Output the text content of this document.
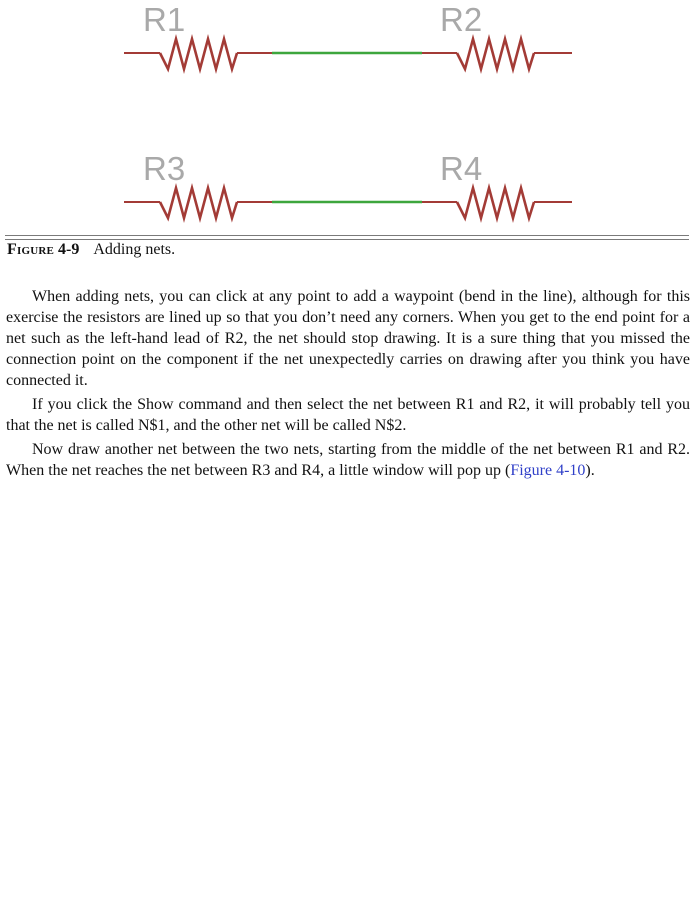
R1	R2
R3	R4
Figure 4-9 Adding nets.

When adding nets, you can click at any point to add a waypoint (bend in the line), although for this exercise the resistors are lined up so that you don’t need any corners. When you get to the end point for a net such as the left-hand lead of R2, the net should stop drawing. It is a sure thing that you missed the connection point on the component if the net unexpectedly carries on drawing after you think you have connected it.

If you click the Show command and then select the net between R1 and R2, it will probably tell you that the net is called N$1, and the other net will be called N$2.

Now draw another net between the two nets, starting from the middle of the net between R1 and R2. When the net reaches the net between R3 and R4, a little window will pop up (Figure 4-10).
